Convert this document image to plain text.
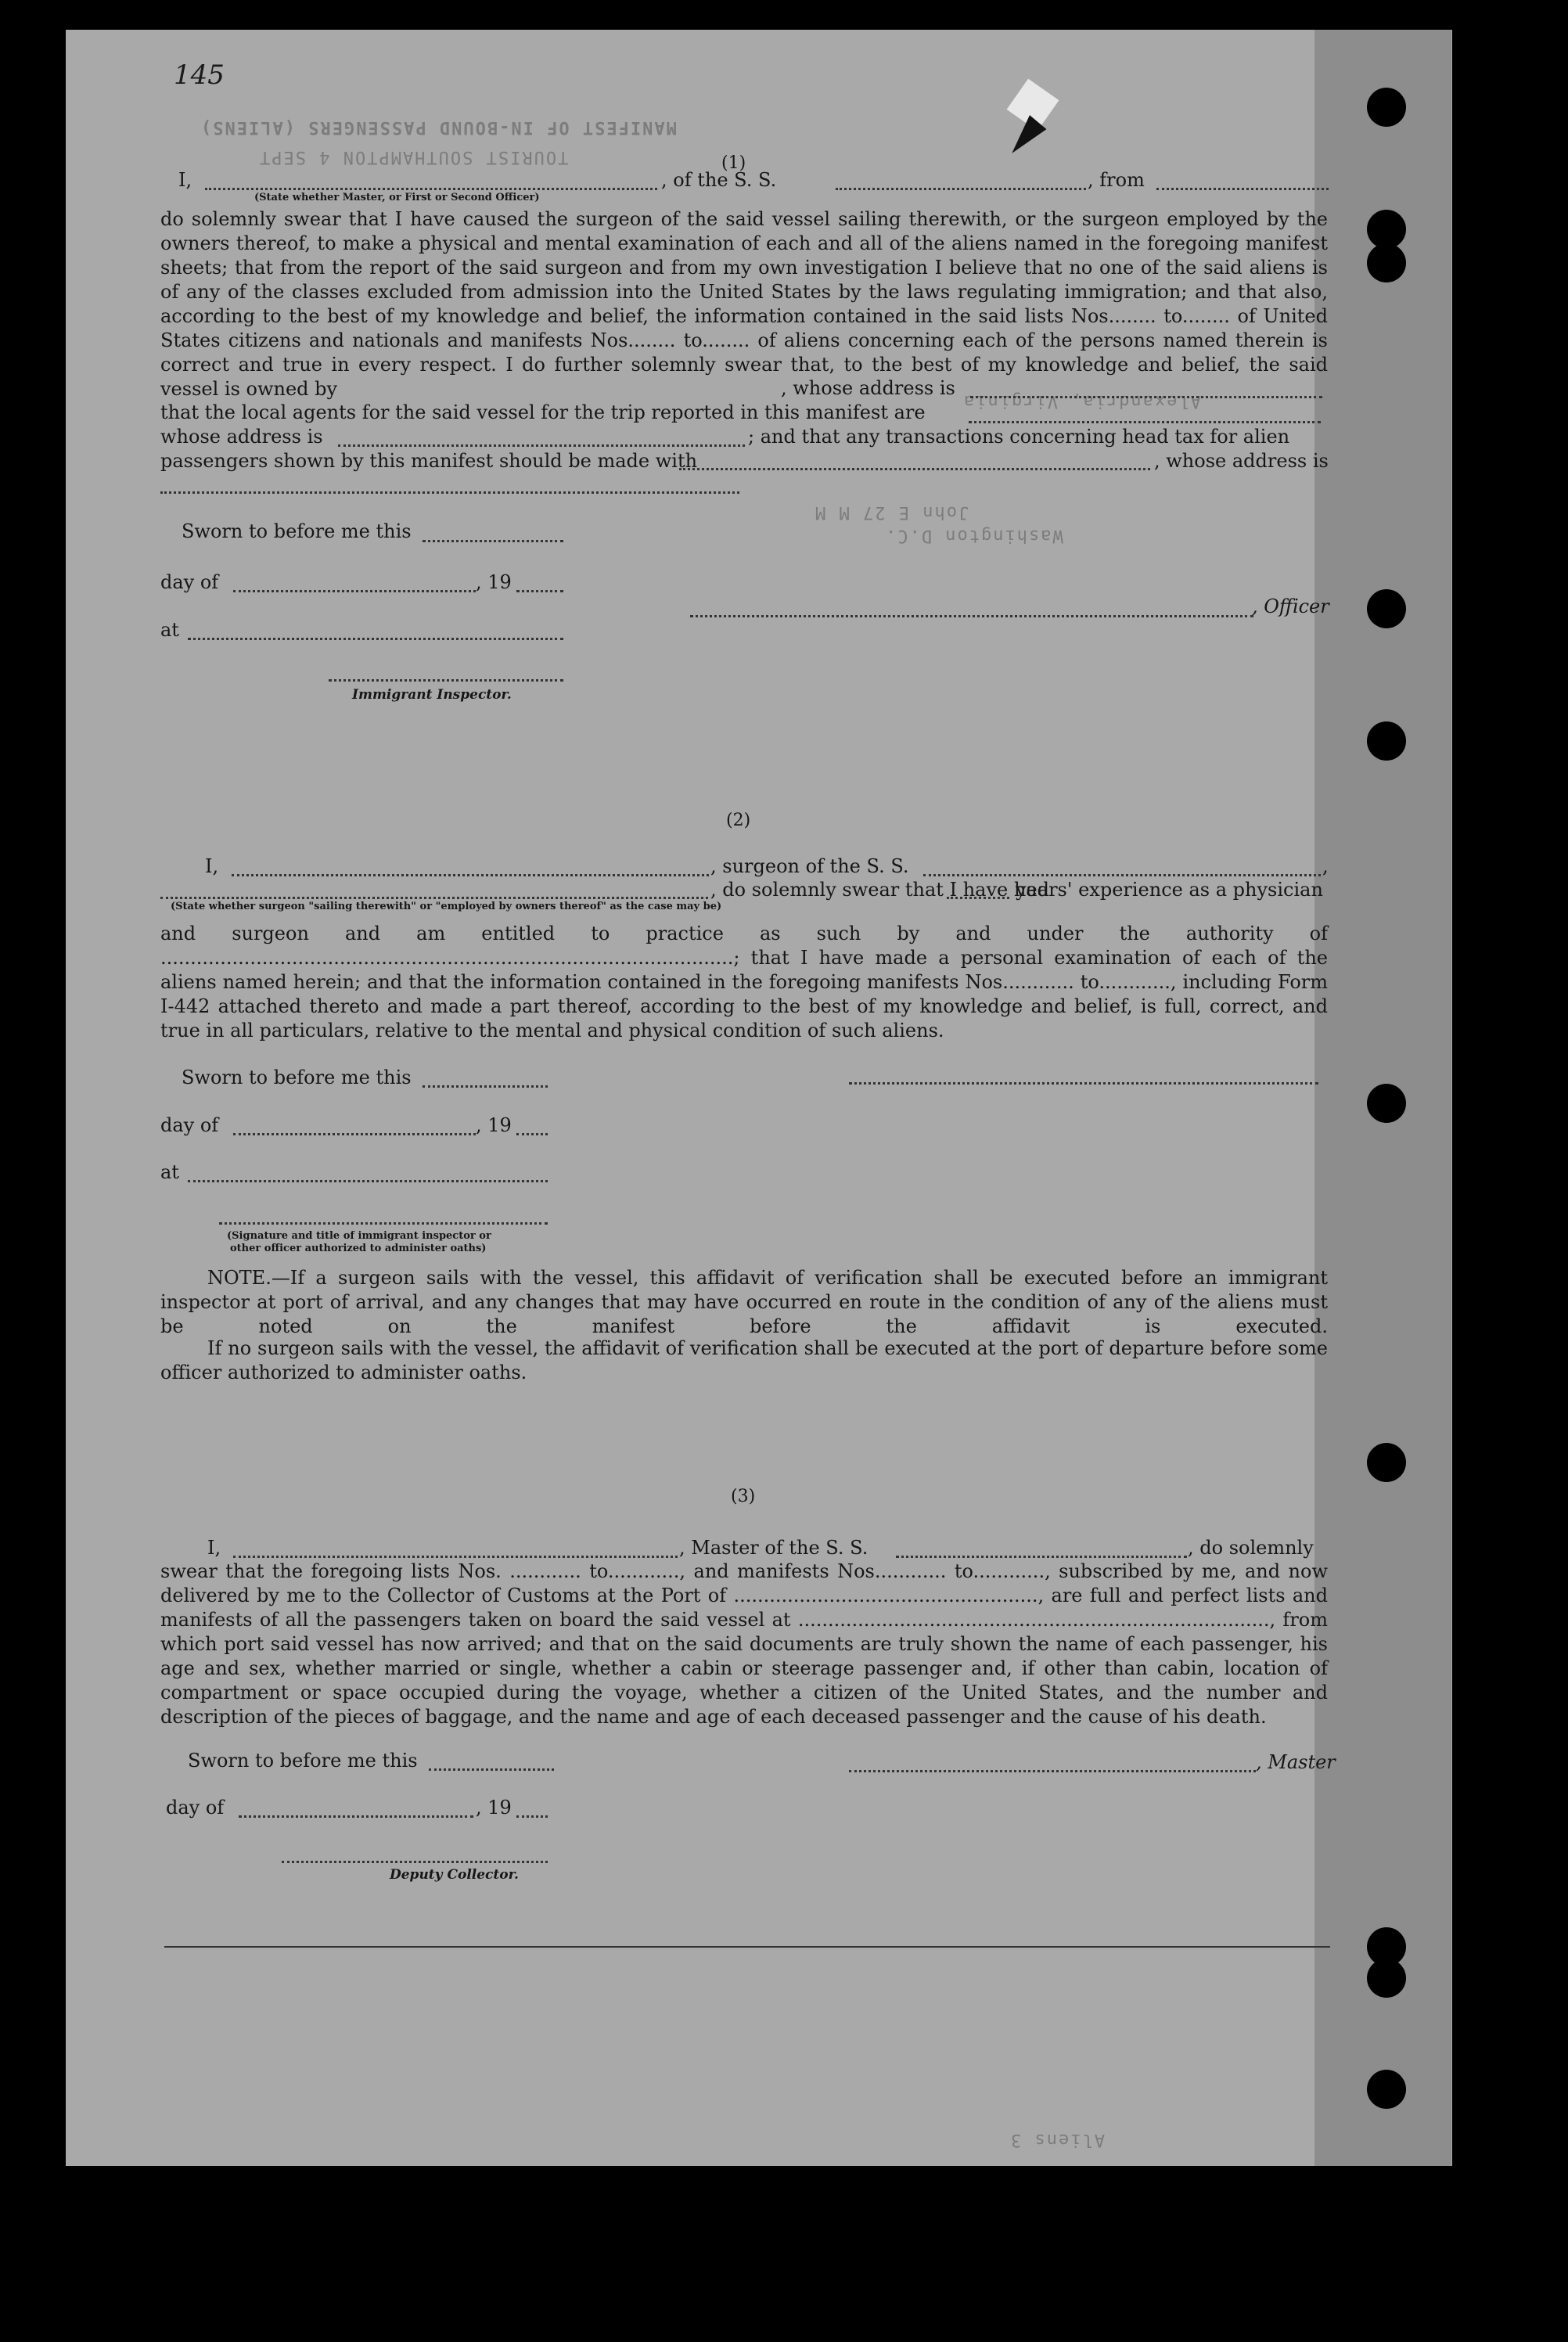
145
MANIFEST OF IN-BOUND PASSENGERS (ALIENS)
TOURIST SOUTHAMPTON 4 SEPT
Alexandria, Virginia
John E 27 M M
Washington D.C.
Aliens 3
(1)
I,	, of the S. S.	, from
(State whether Master, or First or Second Officer)
do solemnly swear that I have caused the surgeon of the said vessel sailing therewith, or the surgeon employed by the owners thereof, to make a physical and mental examination of each and all of the aliens named in the foregoing manifest sheets; that from the report of the said surgeon and from my own investigation I believe that no one of the said aliens is of any of the classes excluded from admission into the United States by the laws regulating immigration; and that also, according to the best of my knowledge and belief, the information contained in the said lists Nos........ to........ of United States citizens and nationals and manifests Nos........ to........ of aliens concerning each of the persons named therein is correct and true in every respect. I do further solemnly swear that, to the best of my knowledge and belief, the said vessel is owned by	, whose address is
that the local agents for the said vessel for the trip reported in this manifest are
whose address is	; and that any transactions concerning head tax for alien
passengers shown by this manifest should be made with	, whose address is
Sworn to before me this
day of	, 19
, Officer
at
Immigrant Inspector.
(2)
I,	, surgeon of the S. S.	,
, do solemnly swear that I have had
years' experience as a physician
(State whether surgeon "sailing therewith" or "employed by owners thereof" as the case may be)
and surgeon and am entitled to practice as such by and under the authority of ................................................................................................; that I have made a personal examination of each of the aliens named herein; and that the information contained in the foregoing manifests Nos............ to............, including Form I-442 attached thereto and made a part thereof, according to the best of my knowledge and belief, is full, correct, and true in all particulars, relative to the mental and physical condition of such aliens.
Sworn to before me this
day of	, 19
at
(Signature and title of immigrant inspector or
other officer authorized to administer oaths)
NOTE.—If a surgeon sails with the vessel, this affidavit of verification shall be executed before an immigrant inspector at port of arrival, and any changes that may have occurred en route in the condition of any of the aliens must be noted on the manifest before the affidavit is executed.
If no surgeon sails with the vessel, the affidavit of verification shall be executed at the port of departure before some officer authorized to administer oaths.
(3)
I,	, Master of the S. S.	, do solemnly
swear that the foregoing lists Nos. ............ to............, and manifests Nos............ to............, subscribed by me, and now delivered by me to the Collector of Customs at the Port of ..................................................., are full and perfect lists and manifests of all the passengers taken on board the said vessel at ..............................................................................., from which port said vessel has now arrived; and that on the said documents are truly shown the name of each passenger, his age and sex, whether married or single, whether a cabin or steerage passenger and, if other than cabin, location of compartment or space occupied during the voyage, whether a citizen of the United States, and the number and description of the pieces of baggage, and the name and age of each deceased passenger and the cause of his death.
Sworn to before me this	, Master
day of	, 19
Deputy Collector.
